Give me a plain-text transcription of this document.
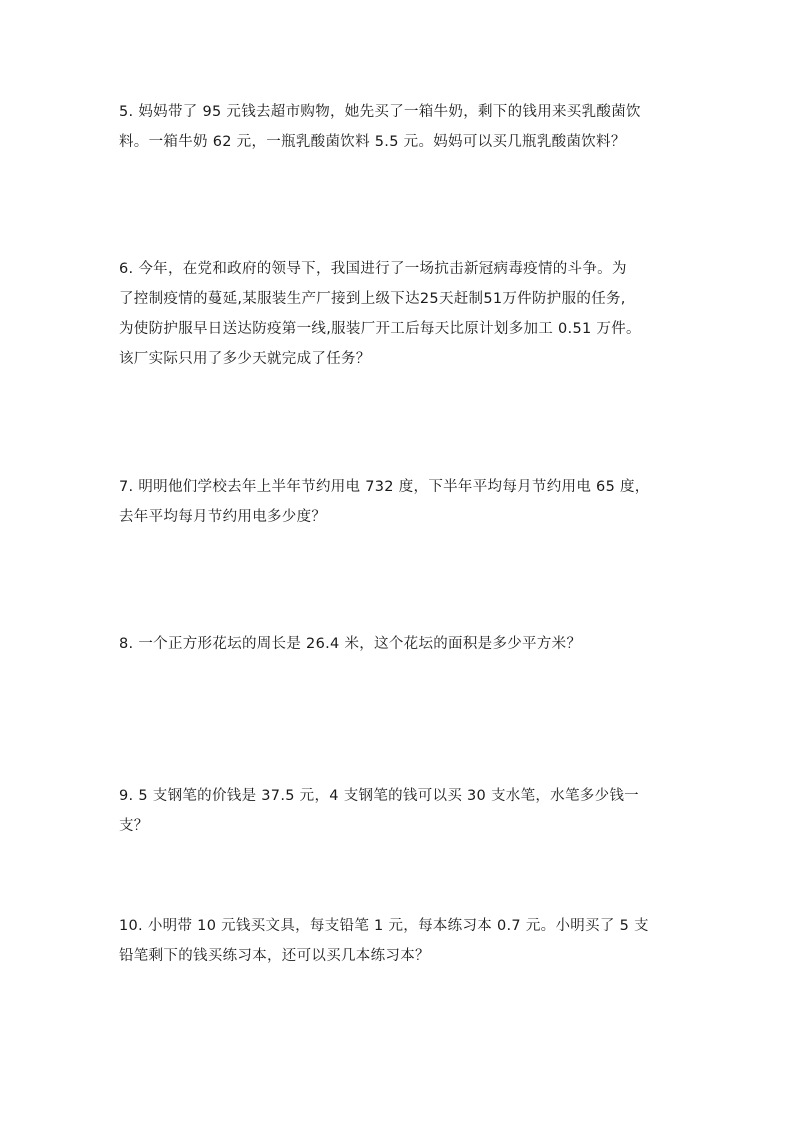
5. 妈妈带了 95 元钱去超市购物，她先买了一箱牛奶，剩下的钱用来买乳酸菌饮
料。一箱牛奶 62 元，一瓶乳酸菌饮料 5.5 元。妈妈可以买几瓶乳酸菌饮料？
6. 今年，在党和政府的领导下，我国进行了一场抗击新冠病毒疫情的斗争。为
了控制疫情的蔓延,某服装生产厂接到上级下达25天赶制51万件防护服的任务,
为使防护服早日送达防疫第一线,服装厂开工后每天比原计划多加工 0.51 万件。
该厂实际只用了多少天就完成了任务？
7. 明明他们学校去年上半年节约用电 732 度，下半年平均每月节约用电 65 度，
去年平均每月节约用电多少度？
8. 一个正方形花坛的周长是 26.4 米，这个花坛的面积是多少平方米？
9. 5 支钢笔的价钱是 37.5 元，4 支钢笔的钱可以买 30 支水笔，水笔多少钱一
支？
10. 小明带 10 元钱买文具，每支铅笔 1 元，每本练习本 0.7 元。小明买了 5 支
铅笔剩下的钱买练习本，还可以买几本练习本？
